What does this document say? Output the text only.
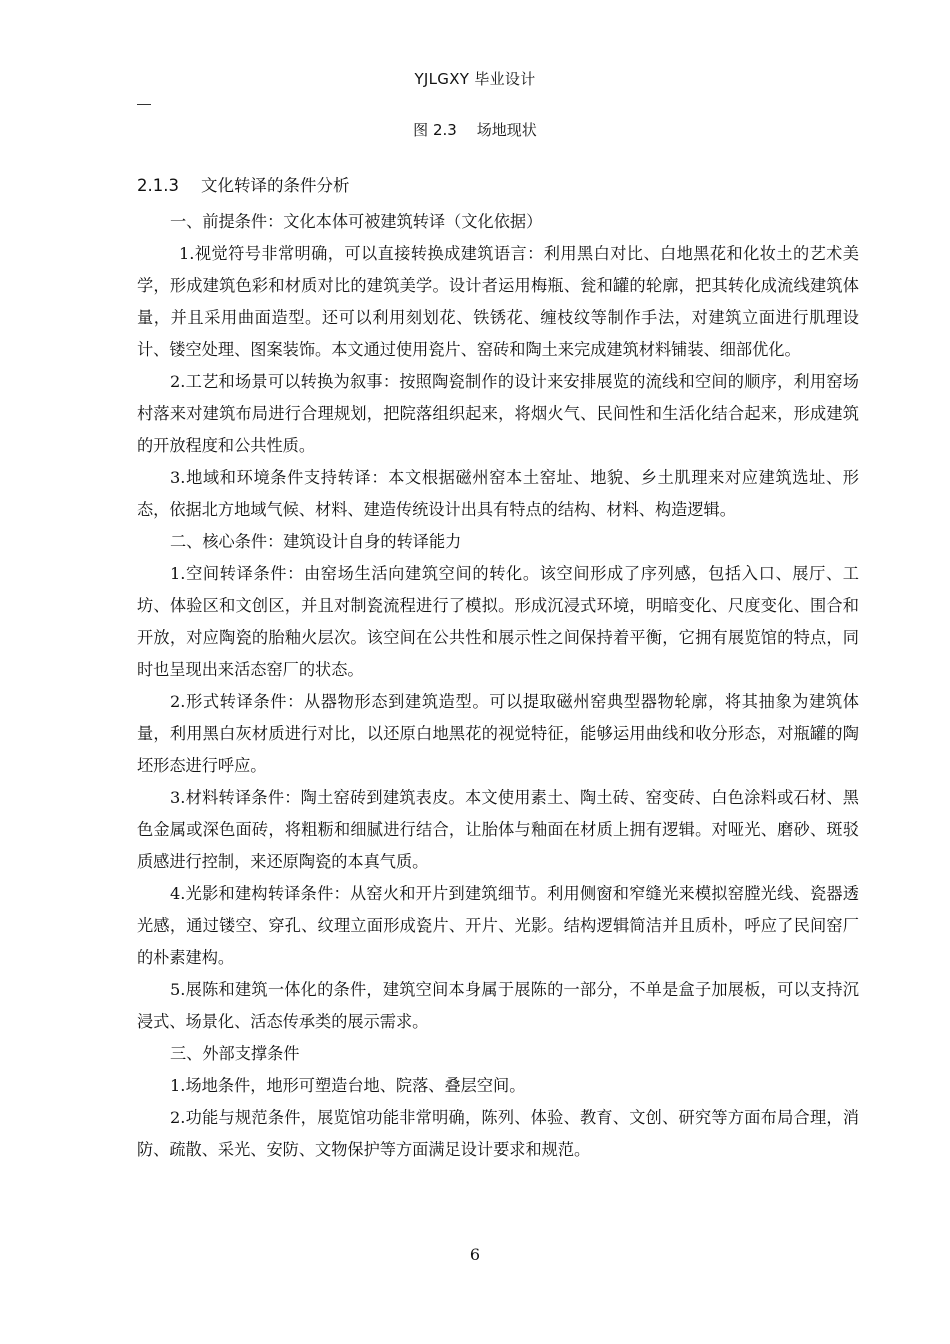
YJLGXY 毕业设计
图 2.3 场地现状
2.1.3 文化转译的条件分析

一、前提条件：文化本体可被建筑转译（文化依据）

1.视觉符号非常明确，可以直接转换成建筑语言：利用黑白对比、白地黑花和化妆土的艺术美学，形成建筑色彩和材质对比的建筑美学。设计者运用梅瓶、瓮和罐的轮廓，把其转化成流线建筑体量，并且采用曲面造型。还可以利用刻划花、铁锈花、缠枝纹等制作手法，对建筑立面进行肌理设计、镂空处理、图案装饰。本文通过使用瓷片、窑砖和陶土来完成建筑材料铺装、细部优化。

2.工艺和场景可以转换为叙事：按照陶瓷制作的设计来安排展览的流线和空间的顺序，利用窑场村落来对建筑布局进行合理规划，把院落组织起来，将烟火气、民间性和生活化结合起来，形成建筑的开放程度和公共性质。

3.地域和环境条件支持转译：本文根据磁州窑本土窑址、地貌、乡土肌理来对应建筑选址、形态，依据北方地域气候、材料、建造传统设计出具有特点的结构、材料、构造逻辑。

二、核心条件：建筑设计自身的转译能力

1.空间转译条件：由窑场生活向建筑空间的转化。该空间形成了序列感，包括入口、展厅、工坊、体验区和文创区，并且对制瓷流程进行了模拟。形成沉浸式环境，明暗变化、尺度变化、围合和开放，对应陶瓷的胎釉火层次。该空间在公共性和展示性之间保持着平衡，它拥有展览馆的特点，同时也呈现出来活态窑厂的状态。

2.形式转译条件：从器物形态到建筑造型。可以提取磁州窑典型器物轮廓，将其抽象为建筑体量，利用黑白灰材质进行对比，以还原白地黑花的视觉特征，能够运用曲线和收分形态，对瓶罐的陶坯形态进行呼应。

3.材料转译条件：陶土窑砖到建筑表皮。本文使用素土、陶土砖、窑变砖、白色涂料或石材、黑色金属或深色面砖，将粗粝和细腻进行结合，让胎体与釉面在材质上拥有逻辑。对哑光、磨砂、斑驳质感进行控制，来还原陶瓷的本真气质。

4.光影和建构转译条件：从窑火和开片到建筑细节。利用侧窗和窄缝光来模拟窑膛光线、瓷器透光感，通过镂空、穿孔、纹理立面形成瓷片、开片、光影。结构逻辑简洁并且质朴，呼应了民间窑厂的朴素建构。

5.展陈和建筑一体化的条件，建筑空间本身属于展陈的一部分，不单是盒子加展板，可以支持沉浸式、场景化、活态传承类的展示需求。

三、外部支撑条件

1.场地条件，地形可塑造台地、院落、叠层空间。

2.功能与规范条件，展览馆功能非常明确，陈列、体验、教育、文创、研究等方面布局合理，消防、疏散、采光、安防、文物保护等方面满足设计要求和规范。

6
